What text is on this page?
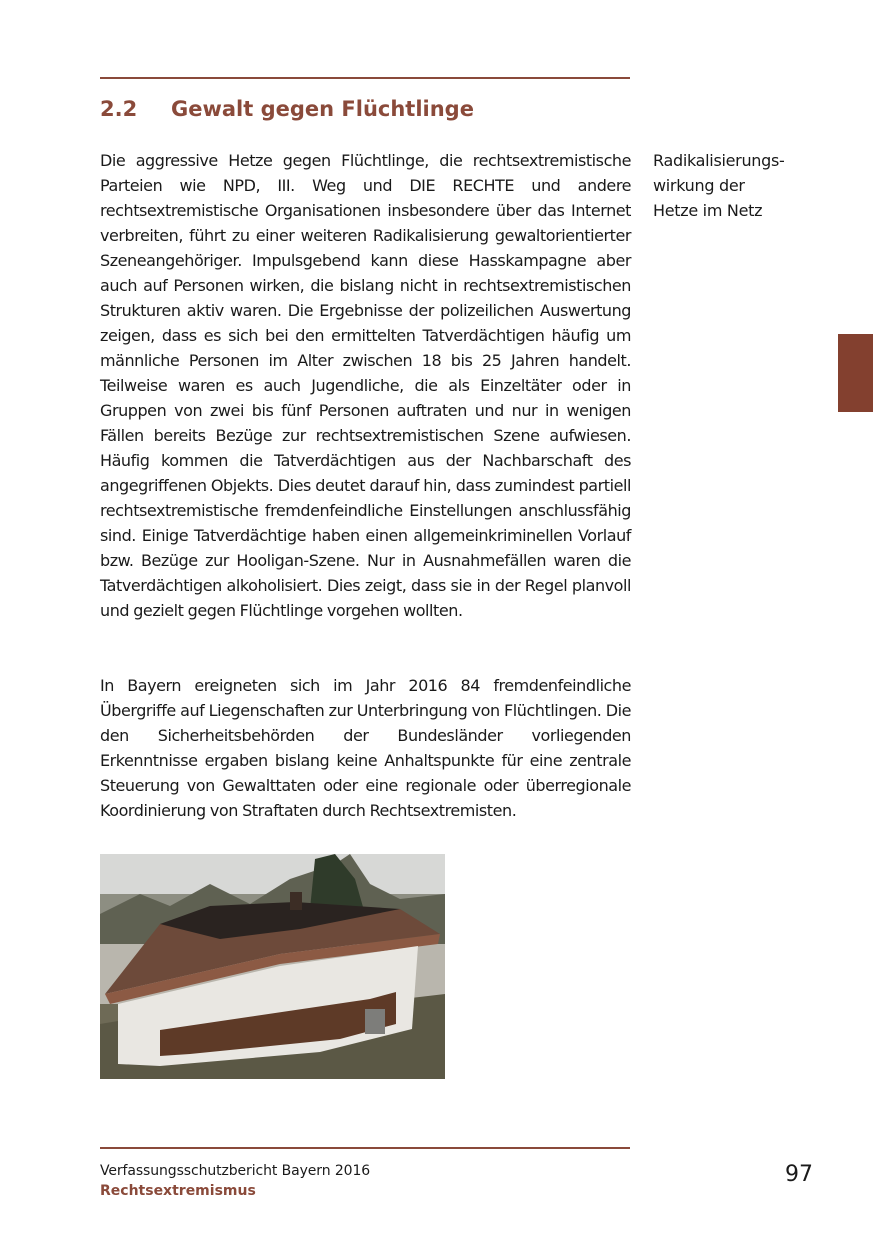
2.2 Gewalt gegen Flüchtlinge

Die aggressive Hetze gegen Flüchtlinge, die rechtsextremistische Parteien wie NPD, III. Weg und DIE RECHTE und andere rechtsextremistische Organisationen insbesondere über das Internet verbreiten, führt zu einer weiteren Radikalisierung gewaltorientierter Szeneangehöriger. Impulsgebend kann diese Hasskampagne aber auch auf Personen wirken, die bislang nicht in rechtsextremistischen Strukturen aktiv waren. Die Ergebnisse der polizeilichen Auswertung zeigen, dass es sich bei den ermittelten Tatverdächtigen häufig um männliche Personen im Alter zwischen 18 bis 25 Jahren handelt. Teilweise waren es auch Jugendliche, die als Einzeltäter oder in Gruppen von zwei bis fünf Personen auftraten und nur in wenigen Fällen bereits Bezüge zur rechtsextremistischen Szene aufwiesen. Häufig kommen die Tatverdächtigen aus der Nachbarschaft des angegriffenen Objekts. Dies deutet darauf hin, dass zumindest partiell rechtsextremistische fremdenfeindliche Einstellungen anschlussfähig sind. Einige Tatverdächtige haben einen allgemeinkriminellen Vorlauf bzw. Bezüge zur Hooligan-Szene. Nur in Ausnahmefällen waren die Tatverdächtigen alkoholisiert. Dies zeigt, dass sie in der Regel planvoll und gezielt gegen Flüchtlinge vorgehen wollten.

Radikalisierungs-
wirkung der
Hetze im Netz

In Bayern ereigneten sich im Jahr 2016 84 fremdenfeindliche Übergriffe auf Liegenschaften zur Unterbringung von Flüchtlingen. Die den Sicherheitsbehörden der Bundesländer vorliegenden Erkenntnisse ergaben bislang keine Anhaltspunkte für eine zentrale Steuerung von Gewalttaten oder eine regionale oder überregionale Koordinierung von Straftaten durch Rechtsextremisten.

Verfassungsschutzbericht Bayern 2016
Rechtsextremismus
97
